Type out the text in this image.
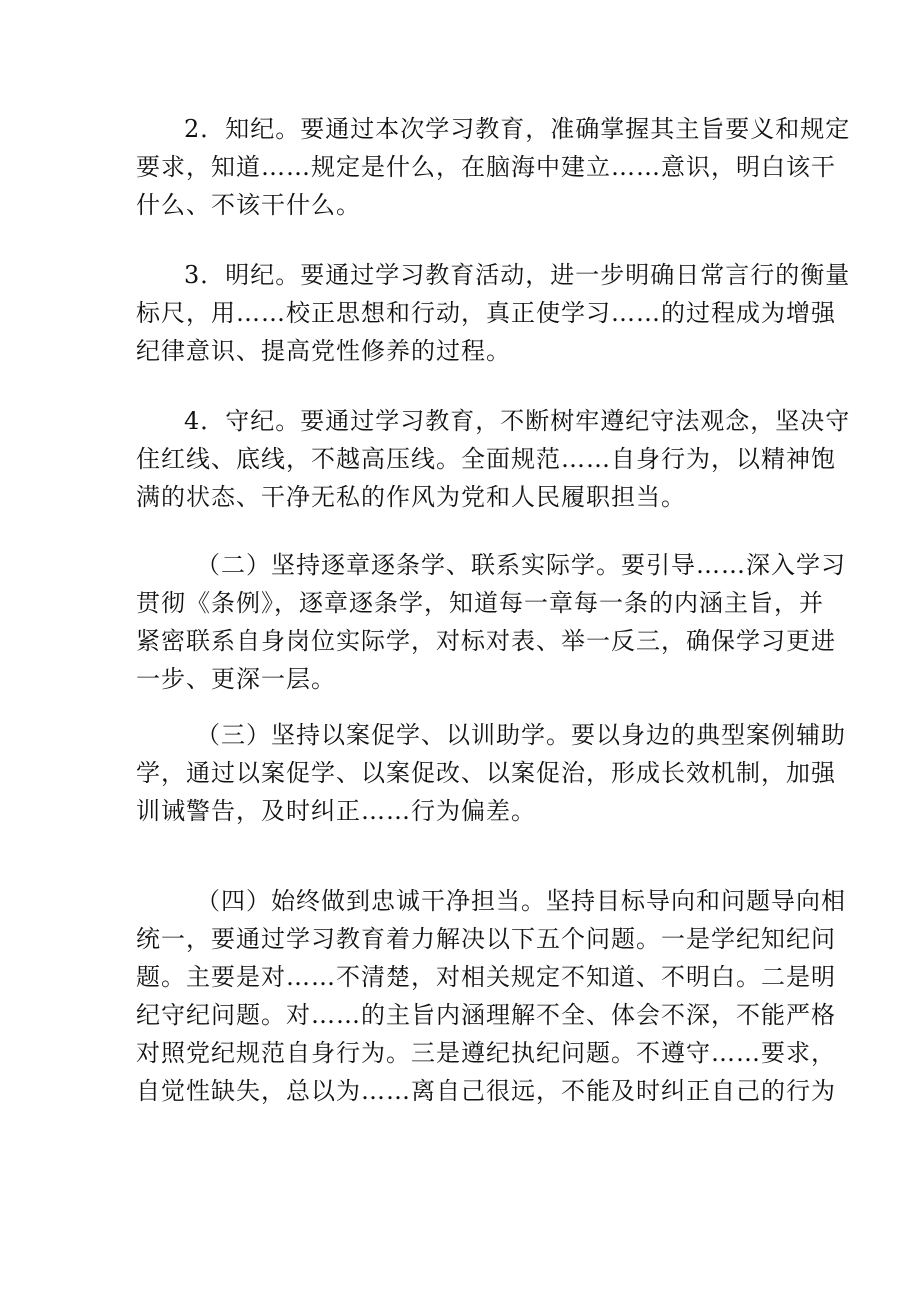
2．知纪。要通过本次学习教育，准确掌握其主旨要义和规定
要求，知道……规定是什么，在脑海中建立……意识，明白该干
什么、不该干什么。
3．明纪。要通过学习教育活动，进一步明确日常言行的衡量
标尺，用……校正思想和行动，真正使学习……的过程成为增强
纪律意识、提高党性修养的过程。
4．守纪。要通过学习教育，不断树牢遵纪守法观念，坚决守
住红线、底线，不越高压线。全面规范……自身行为，以精神饱
满的状态、干净无私的作风为党和人民履职担当。
（二）坚持逐章逐条学、联系实际学。要引导……深入学习
贯彻《条例》，逐章逐条学，知道每一章每一条的内涵主旨，并
紧密联系自身岗位实际学，对标对表、举一反三，确保学习更进
一步、更深一层。
（三）坚持以案促学、以训助学。要以身边的典型案例辅助
学，通过以案促学、以案促改、以案促治，形成长效机制，加强
训诫警告，及时纠正……行为偏差。
（四）始终做到忠诚干净担当。坚持目标导向和问题导向相
统一，要通过学习教育着力解决以下五个问题。一是学纪知纪问
题。主要是对……不清楚，对相关规定不知道、不明白。二是明
纪守纪问题。对……的主旨内涵理解不全、体会不深，不能严格
对照党纪规范自身行为。三是遵纪执纪问题。不遵守……要求，
自觉性缺失，总以为……离自己很远，不能及时纠正自己的行为
